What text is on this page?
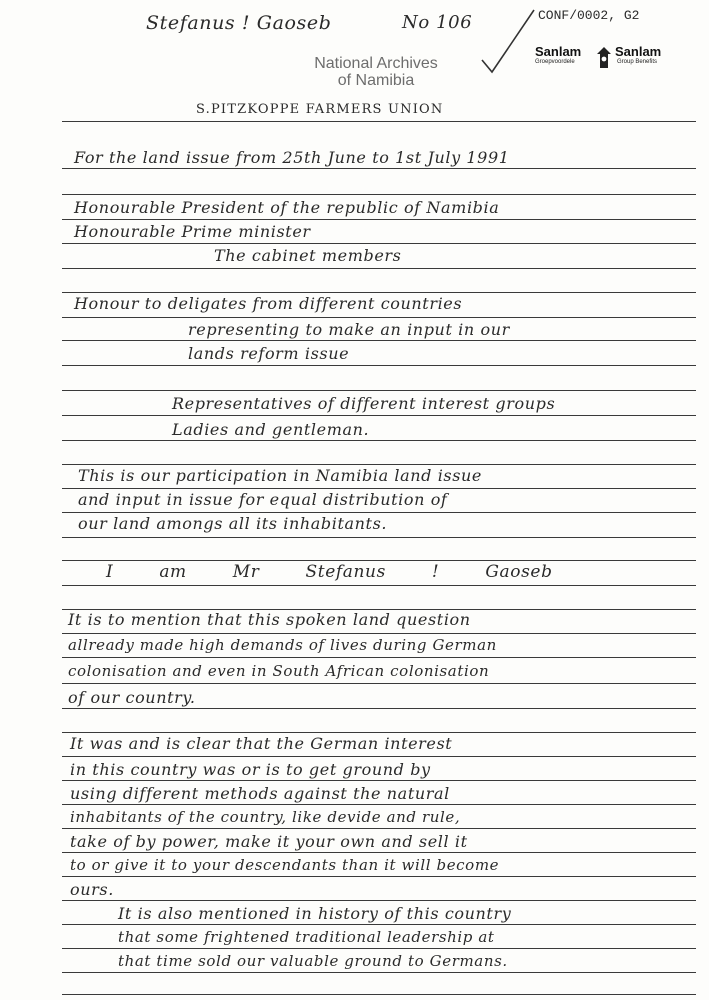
Stefanus ! Gaoseb	No 106	CONF/0002, G2
National Archives
of Namibia
Sanlam	Sanlam
Groepvoordele	Group Benefits
S.PITZKOPPE FARMERS UNION
For the land issue from 25th June to 1st July 1991
Honourable President of the republic of Namibia
Honourable Prime minister
The cabinet members
Honour to deligates from different countries
representing to make an input in our
lands reform issue
Representatives of different interest groups
Ladies and gentleman.
This is our participation in Namibia land issue
and input in issue for equal distribution of
our land amongs all its inhabitants.
I am Mr Stefanus ! Gaoseb
It is to mention that this spoken land question
allready made high demands of lives during German
colonisation and even in South African colonisation
of our country.
It was and is clear that the German interest
in this country was or is to get ground by
using different methods against the natural
inhabitants of the country, like devide and rule,
take of by power, make it your own and sell it
to or give it to your descendants than it will become
ours.
It is also mentioned in history of this country
that some frightened traditional leadership at
that time sold our valuable ground to Germans.
